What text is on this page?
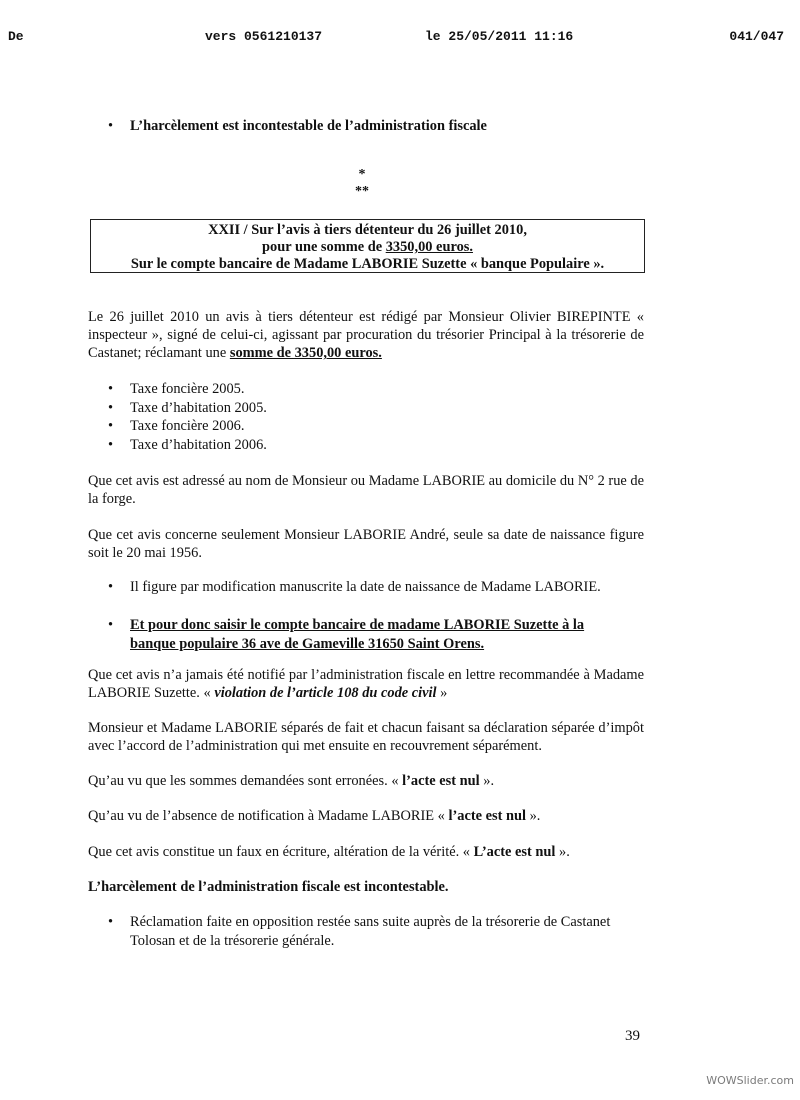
De	vers 0561210137	le 25/05/2011 11:16	041/047
• L’harcèlement est incontestable de l’administration fiscale
*
**
XXII / Sur l’avis à tiers détenteur du 26 juillet 2010,
pour une somme de 3350,00 euros.
Sur le compte bancaire de Madame LABORIE Suzette « banque Populaire ».

Le 26 juillet 2010 un avis à tiers détenteur est rédigé par Monsieur Olivier BIREPINTE « inspecteur », signé de celui-ci, agissant par procuration du trésorier Principal à la trésorerie de Castanet; réclamant une somme de 3350,00 euros.

• Taxe foncière 2005.
• Taxe d’habitation 2005.
• Taxe foncière 2006.
• Taxe d’habitation 2006.

Que cet avis est adressé au nom de Monsieur ou Madame LABORIE au domicile du N° 2 rue de la forge.

Que cet avis concerne seulement Monsieur LABORIE André, seule sa date de naissance figure soit le 20 mai 1956.

• Il figure par modification manuscrite la date de naissance de Madame LABORIE.
• Et pour donc saisir le compte bancaire de madame LABORIE Suzette à la
banque populaire 36 ave de Gameville 31650 Saint Orens.

Que cet avis n’a jamais été notifié par l’administration fiscale en lettre recommandée à Madame LABORIE Suzette. « violation de l’article 108 du code civil »

Monsieur et Madame LABORIE séparés de fait et chacun faisant sa déclaration séparée d’impôt avec l’accord de l’administration qui met ensuite en recouvrement séparément.

Qu’au vu que les sommes demandées sont erronées. « l’acte est nul ».

Qu’au vu de l’absence de notification à Madame LABORIE « l’acte est nul ».

Que cet avis constitue un faux en écriture, altération de la vérité. « L’acte est nul ».

L’harcèlement de l’administration fiscale est incontestable.

• Réclamation faite en opposition restée sans suite auprès de la trésorerie de Castanet
Tolosan et de la trésorerie générale.
39
WOWSlider.com
